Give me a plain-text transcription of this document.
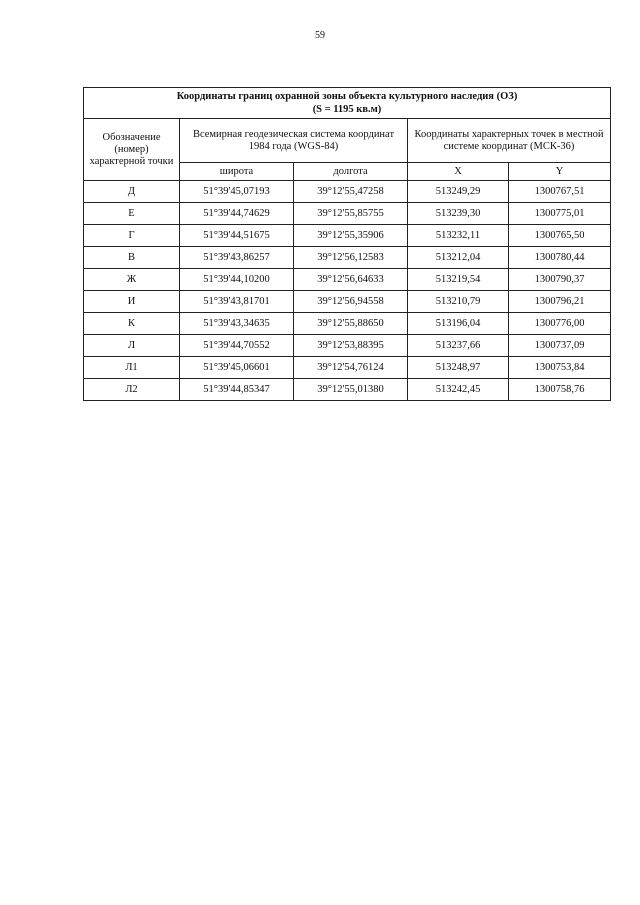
59
Координаты границ охранной зоны объекта культурного наследия (ОЗ)
(S = 1195 кв.м)				

Обозначение (номер) характерной точки	Всемирная геодезическая система координат 1984 года (WGS-84)		Координаты характерных точек в местной системе координат (МСК-36)	
	широта	долгота	X	Y
Д	51°39'45,07193	39°12'55,47258	513249,29	1300767,51
Е	51°39'44,74629	39°12'55,85755	513239,30	1300775,01
Г	51°39'44,51675	39°12'55,35906	513232,11	1300765,50
В	51°39'43,86257	39°12'56,12583	513212,04	1300780,44
Ж	51°39'44,10200	39°12'56,64633	513219,54	1300790,37
И	51°39'43,81701	39°12'56,94558	513210,79	1300796,21
К	51°39'43,34635	39°12'55,88650	513196,04	1300776,00
Л	51°39'44,70552	39°12'53,88395	513237,66	1300737,09
Л1	51°39'45,06601	39°12'54,76124	513248,97	1300753,84
Л2	51°39'44,85347	39°12'55,01380	513242,45	1300758,76
